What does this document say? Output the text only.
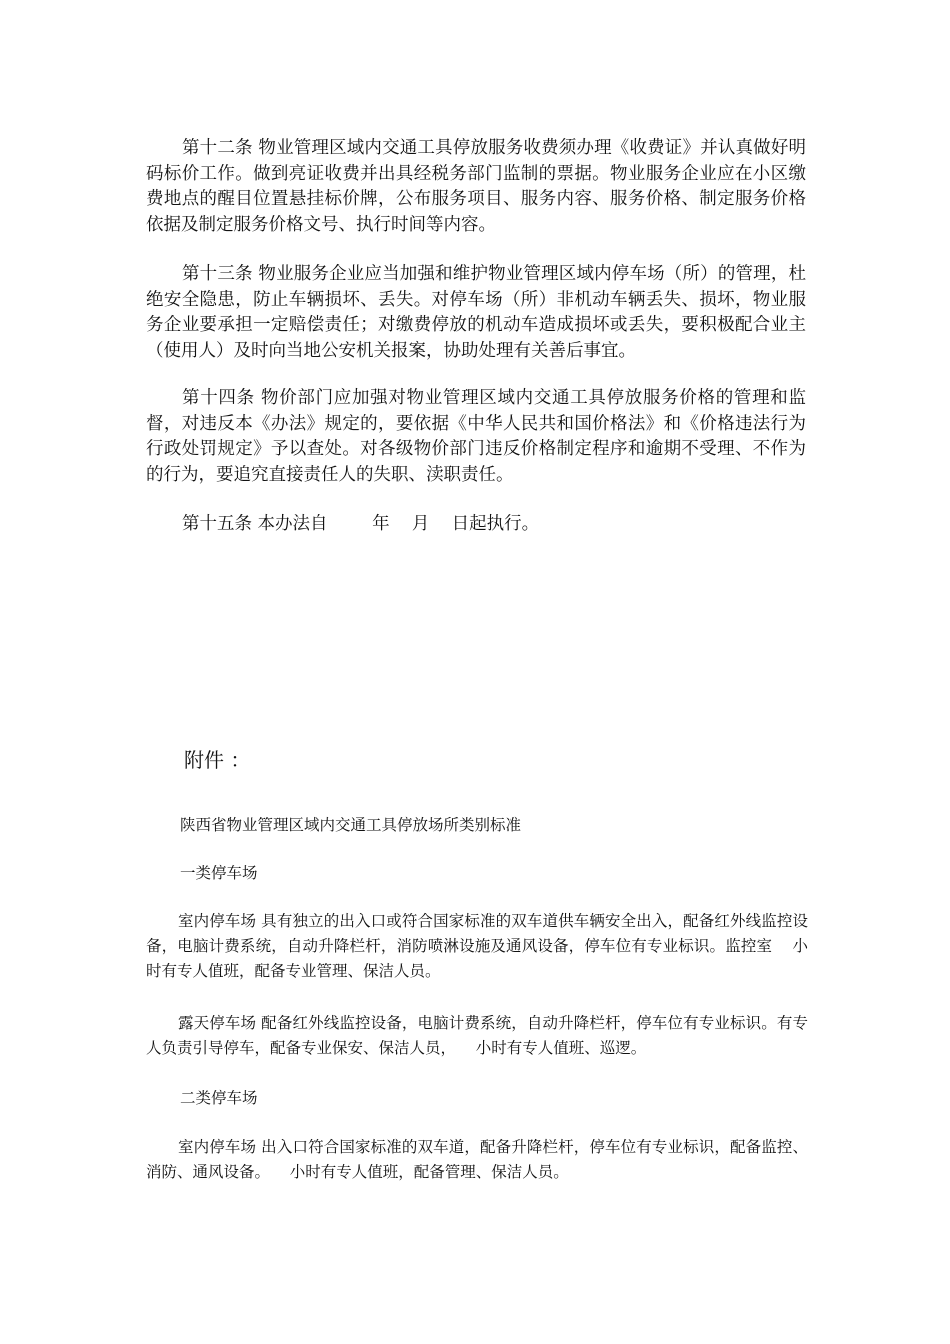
第十二条 物业管理区域内交通工具停放服务收费须办理《收费证》并认真做好明码标价工作。做到亮证收费并出具经税务部门监制的票据。物业服务企业应在小区缴费地点的醒目位置悬挂标价牌，公布服务项目、服务内容、服务价格、制定服务价格依据及制定服务价格文号、执行时间等内容。

第十三条 物业服务企业应当加强和维护物业管理区域内停车场（所）的管理，杜绝安全隐患，防止车辆损坏、丢失。对停车场（所）非机动车辆丢失、损坏，物业服务企业要承担一定赔偿责任；对缴费停放的机动车造成损坏或丢失，要积极配合业主（使用人）及时向当地公安机关报案，协助处理有关善后事宜。

第十四条 物价部门应加强对物业管理区域内交通工具停放服务价格的管理和监督，对违反本《办法》规定的，要依据《中华人民共和国价格法》和《价格违法行为行政处罚规定》予以查处。对各级物价部门违反价格制定程序和逾期不受理、不作为的行为，要追究直接责任人的失职、渎职责任。

第十五条 本办法自        年    月    日起执行。

附件 ：

陕西省物业管理区域内交通工具停放场所类别标准

一类停车场

室内停车场 具有独立的出入口或符合国家标准的双车道供车辆安全出入，配备红外线监控设备，电脑计费系统，自动升降栏杆，消防喷淋设施及通风设备，停车位有专业标识。监控室    小时有专人值班，配备专业管理、保洁人员。

露天停车场 配备红外线监控设备，电脑计费系统，自动升降栏杆，停车位有专业标识。有专人负责引导停车，配备专业保安、保洁人员，    小时有专人值班、巡逻。

二类停车场

室内停车场 出入口符合国家标准的双车道，配备升降栏杆，停车位有专业标识，配备监控、消防、通风设备。    小时有专人值班，配备管理、保洁人员。
